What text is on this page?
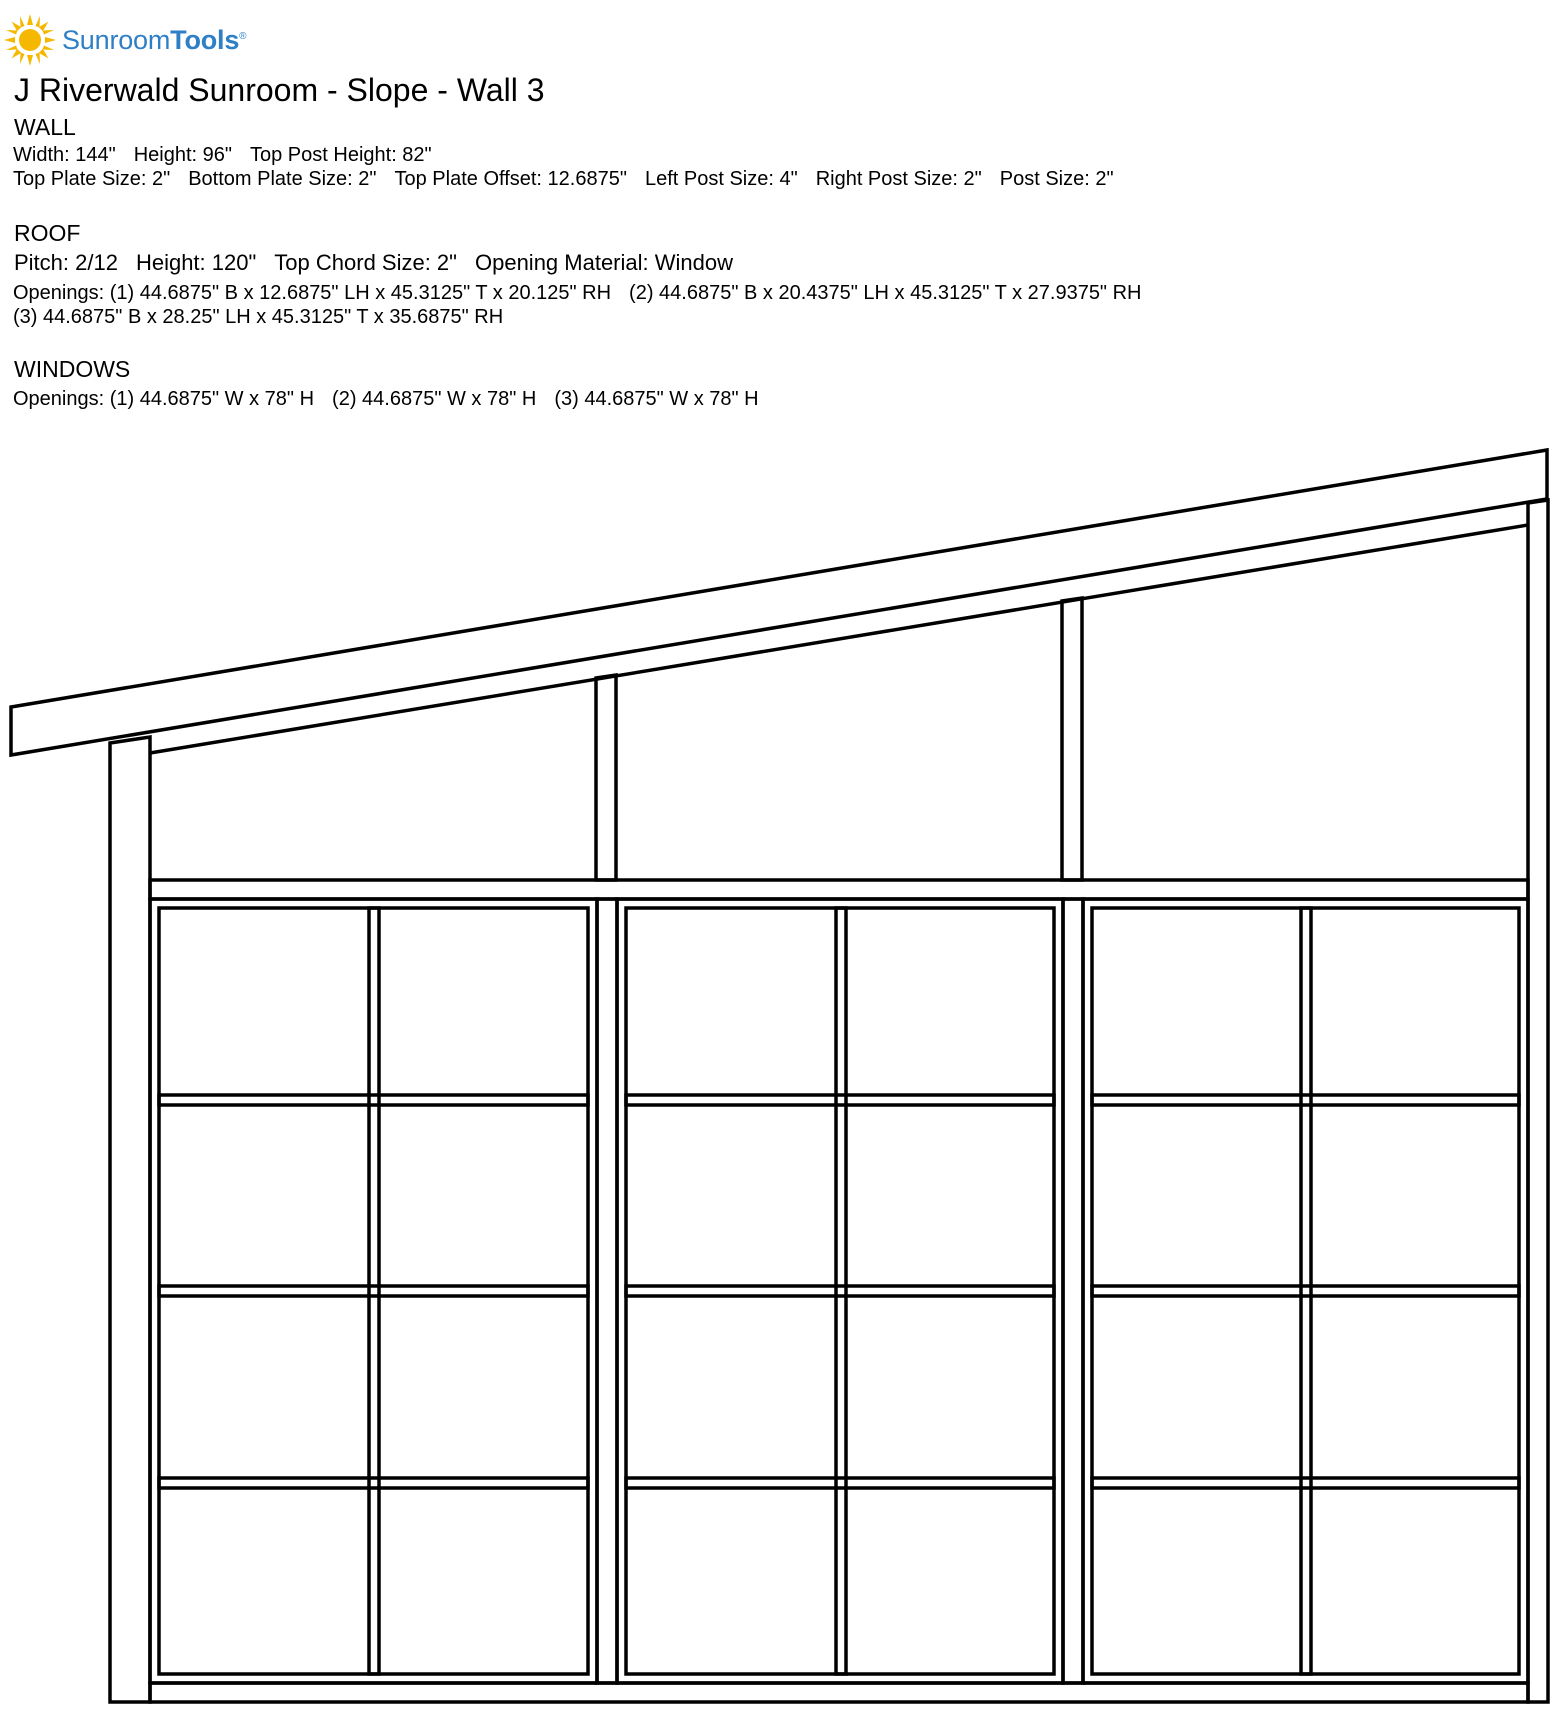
SunroomTools®
J Riverwald Sunroom - Slope - Wall 3
WALL
Width: 144" Height: 96" Top Post Height: 82"
Top Plate Size: 2" Bottom Plate Size: 2" Top Plate Offset: 12.6875" Left Post Size: 4" Right Post Size: 2" Post Size: 2"
ROOF
Pitch: 2/12 Height: 120" Top Chord Size: 2" Opening Material: Window
Openings: (1) 44.6875" B x 12.6875" LH x 45.3125" T x 20.125" RH (2) 44.6875" B x 20.4375" LH x 45.3125" T x 27.9375" RH
(3) 44.6875" B x 28.25" LH x 45.3125" T x 35.6875" RH
WINDOWS
Openings: (1) 44.6875" W x 78" H (2) 44.6875" W x 78" H (3) 44.6875" W x 78" H
